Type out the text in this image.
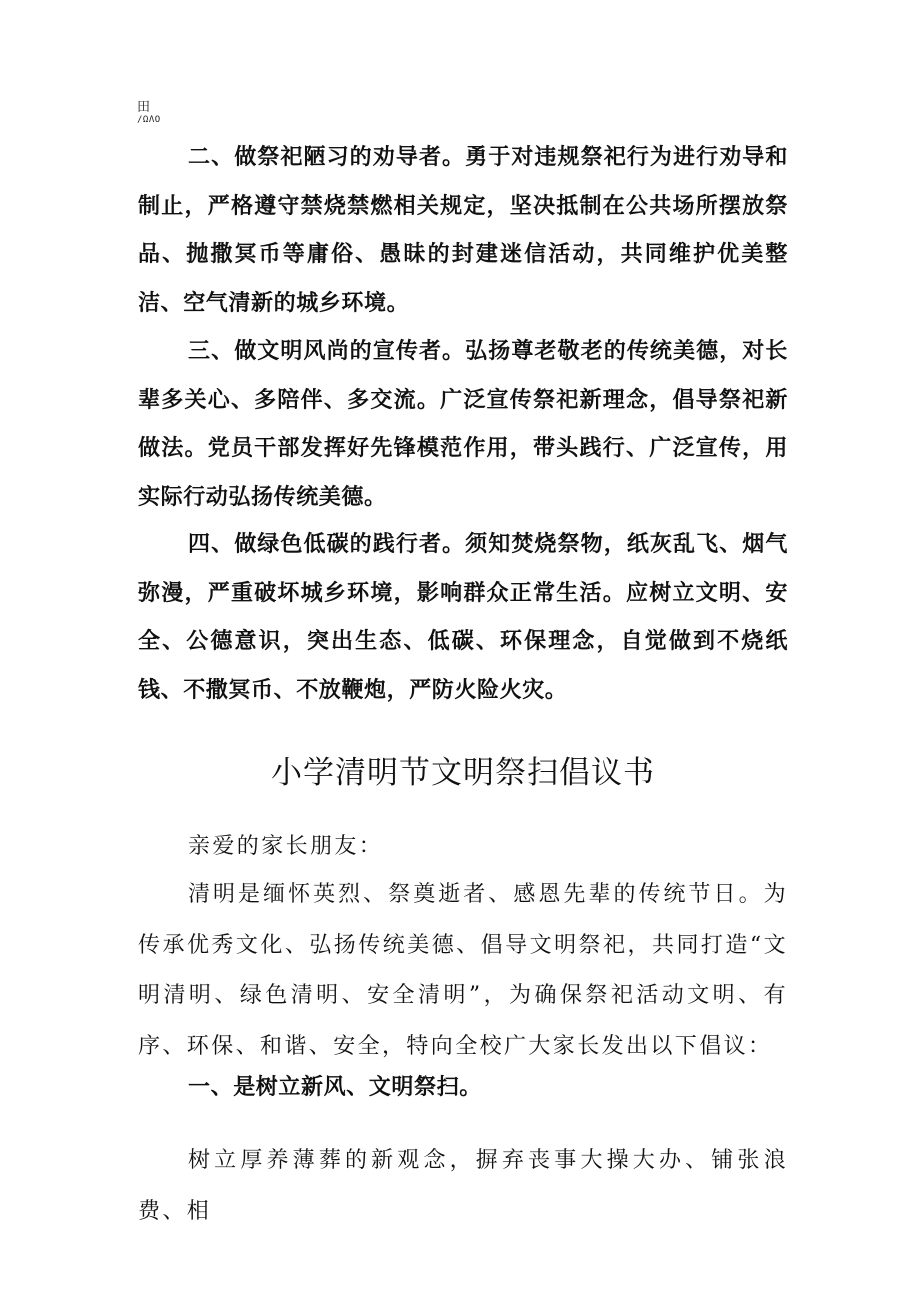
田
/ΩΛO

二、做祭祀陋习的劝导者。勇于对违规祭祀行为进行劝导和制止，严格遵守禁烧禁燃相关规定，坚决抵制在公共场所摆放祭品、抛撒冥币等庸俗、愚昧的封建迷信活动，共同维护优美整洁、空气清新的城乡环境。

三、做文明风尚的宣传者。弘扬尊老敬老的传统美德，对长辈多关心、多陪伴、多交流。广泛宣传祭祀新理念，倡导祭祀新做法。党员干部发挥好先锋模范作用，带头践行、广泛宣传，用实际行动弘扬传统美德。

四、做绿色低碳的践行者。须知焚烧祭物，纸灰乱飞、烟气弥漫，严重破坏城乡环境，影响群众正常生活。应树立文明、安全、公德意识，突出生态、低碳、环保理念，自觉做到不烧纸钱、不撒冥币、不放鞭炮，严防火险火灾。

小学清明节文明祭扫倡议书

亲爱的家长朋友：

清明是缅怀英烈、祭奠逝者、感恩先辈的传统节日。为传承优秀文化、弘扬传统美德、倡导文明祭祀，共同打造“文明清明、绿色清明、安全清明”，为确保祭祀活动文明、有序、环保、和谐、安全，特向全校广大家长发出以下倡议：

一、是树立新风、文明祭扫。

树立厚养薄葬的新观念，摒弃丧事大操大办、铺张浪费、相
